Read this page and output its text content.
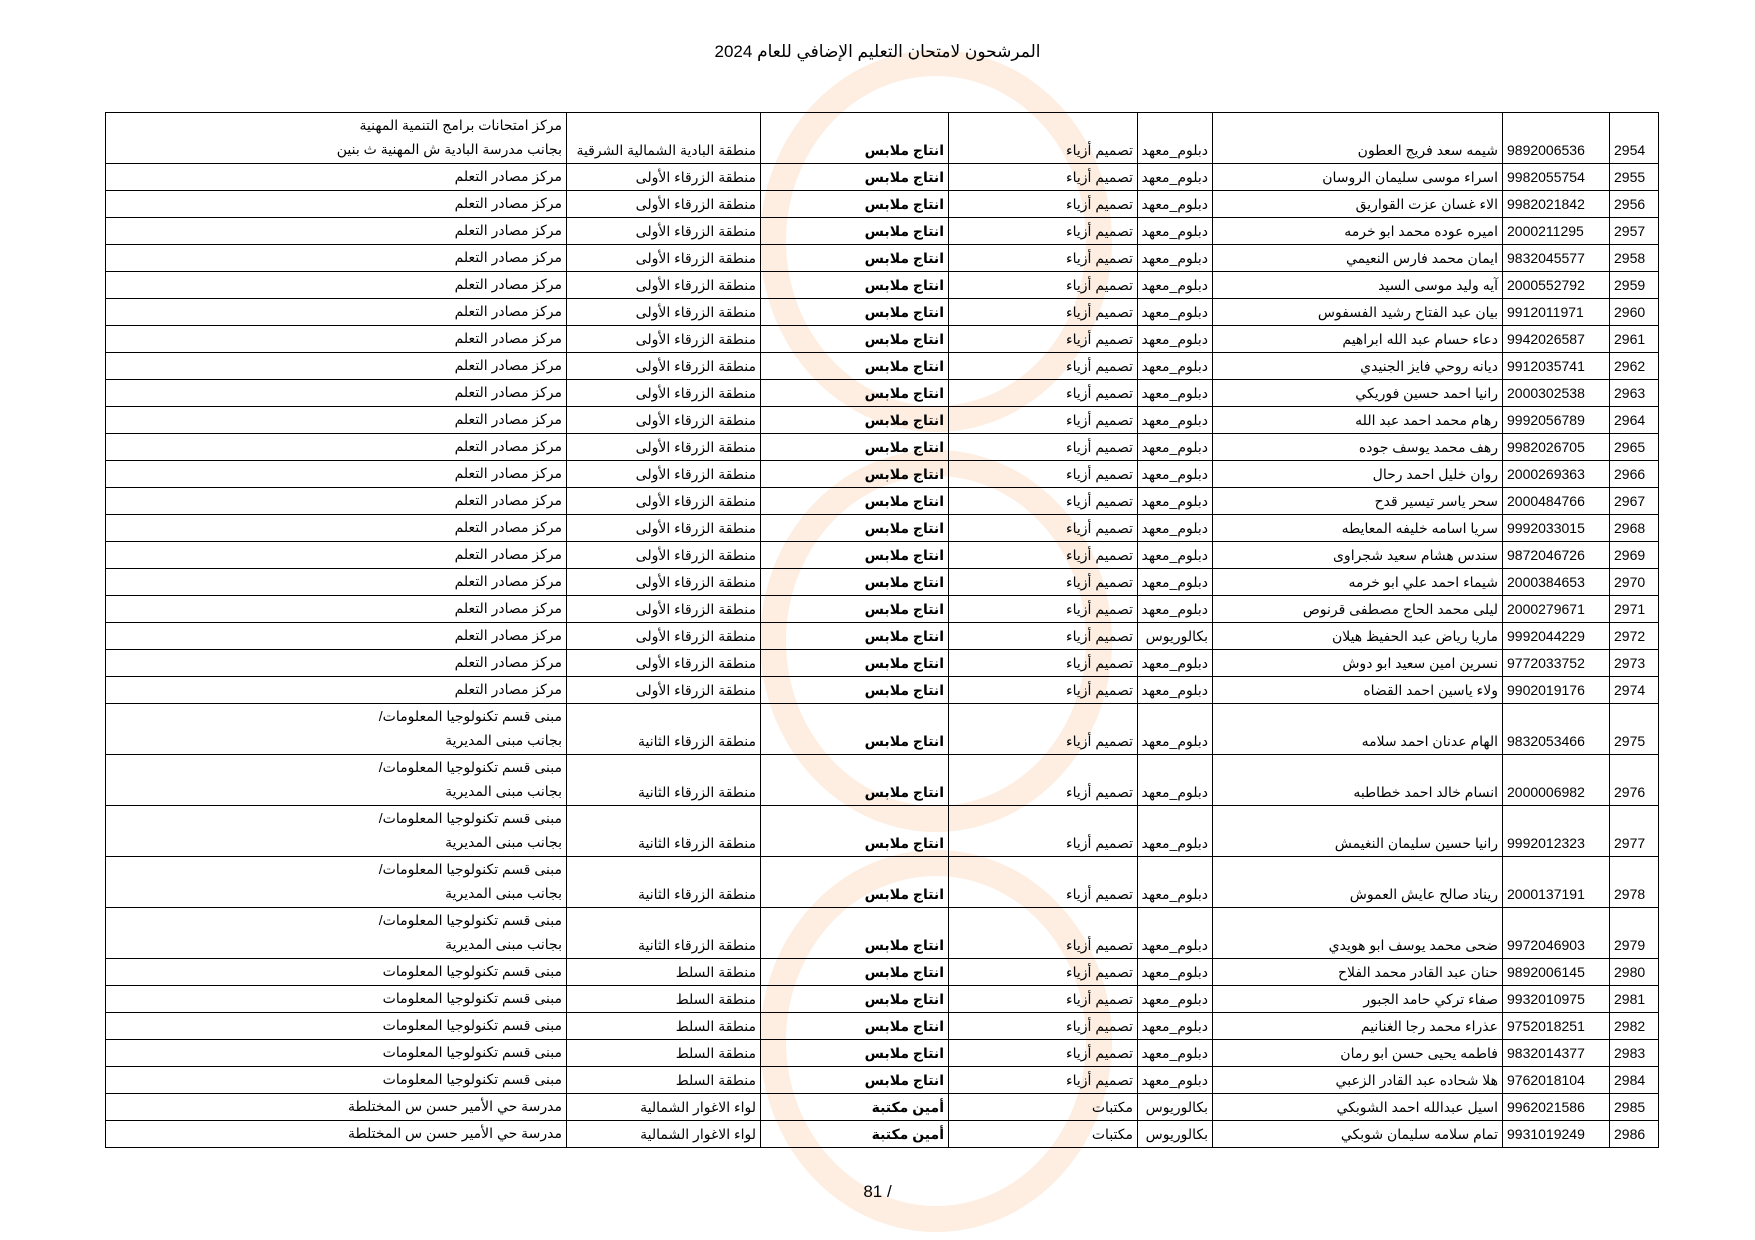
المرشحون لامتحان التعليم الإضافي للعام 2024
2954	9892006536	شيمه سعد فريج العطون	دبلوم_معهد	تصميم أزياء	انتاج ملابس	منطقة البادية الشمالية الشرقية	مركز امتحانات برامج التنمية المهنية
بجانب مدرسة البادية ش المهنية ث بنين

2955	9982055754	اسراء موسى سليمان الروسان	دبلوم_معهد	تصميم أزياء	انتاج ملابس	منطقة الزرقاء الأولى	مركز مصادر التعلم

2956	9982021842	الاء غسان عزت القواريق	دبلوم_معهد	تصميم أزياء	انتاج ملابس	منطقة الزرقاء الأولى	مركز مصادر التعلم

2957	2000211295	اميره عوده محمد ابو خرمه	دبلوم_معهد	تصميم أزياء	انتاج ملابس	منطقة الزرقاء الأولى	مركز مصادر التعلم

2958	9832045577	ايمان محمد فارس النعيمي	دبلوم_معهد	تصميم أزياء	انتاج ملابس	منطقة الزرقاء الأولى	مركز مصادر التعلم

2959	2000552792	آيه وليد موسى السيد	دبلوم_معهد	تصميم أزياء	انتاج ملابس	منطقة الزرقاء الأولى	مركز مصادر التعلم

2960	9912011971	بيان عبد الفتاح رشيد الفسفوس	دبلوم_معهد	تصميم أزياء	انتاج ملابس	منطقة الزرقاء الأولى	مركز مصادر التعلم

2961	9942026587	دعاء حسام عبد الله ابراهيم	دبلوم_معهد	تصميم أزياء	انتاج ملابس	منطقة الزرقاء الأولى	مركز مصادر التعلم

2962	9912035741	ديانه روحي فايز الجنيدي	دبلوم_معهد	تصميم أزياء	انتاج ملابس	منطقة الزرقاء الأولى	مركز مصادر التعلم

2963	2000302538	رانيا احمد حسين فوريكي	دبلوم_معهد	تصميم أزياء	انتاج ملابس	منطقة الزرقاء الأولى	مركز مصادر التعلم

2964	9992056789	رهام محمد احمد عبد الله	دبلوم_معهد	تصميم أزياء	انتاج ملابس	منطقة الزرقاء الأولى	مركز مصادر التعلم

2965	9982026705	رهف محمد يوسف جوده	دبلوم_معهد	تصميم أزياء	انتاج ملابس	منطقة الزرقاء الأولى	مركز مصادر التعلم

2966	2000269363	روان خليل احمد رحال	دبلوم_معهد	تصميم أزياء	انتاج ملابس	منطقة الزرقاء الأولى	مركز مصادر التعلم

2967	2000484766	سحر ياسر تيسير قدح	دبلوم_معهد	تصميم أزياء	انتاج ملابس	منطقة الزرقاء الأولى	مركز مصادر التعلم

2968	9992033015	سريا اسامه خليفه المعايطه	دبلوم_معهد	تصميم أزياء	انتاج ملابس	منطقة الزرقاء الأولى	مركز مصادر التعلم

2969	9872046726	سندس هشام سعيد شجراوى	دبلوم_معهد	تصميم أزياء	انتاج ملابس	منطقة الزرقاء الأولى	مركز مصادر التعلم

2970	2000384653	شيماء احمد علي ابو خرمه	دبلوم_معهد	تصميم أزياء	انتاج ملابس	منطقة الزرقاء الأولى	مركز مصادر التعلم

2971	2000279671	ليلى محمد الحاج مصطفى قرنوص	دبلوم_معهد	تصميم أزياء	انتاج ملابس	منطقة الزرقاء الأولى	مركز مصادر التعلم

2972	9992044229	ماريا رياض عبد الحفيظ هيلان	بكالوريوس	تصميم أزياء	انتاج ملابس	منطقة الزرقاء الأولى	مركز مصادر التعلم

2973	9772033752	نسرين امين سعيد ابو دوش	دبلوم_معهد	تصميم أزياء	انتاج ملابس	منطقة الزرقاء الأولى	مركز مصادر التعلم

2974	9902019176	ولاء ياسين احمد القضاه	دبلوم_معهد	تصميم أزياء	انتاج ملابس	منطقة الزرقاء الأولى	مركز مصادر التعلم

2975	9832053466	الهام عدنان احمد سلامه	دبلوم_معهد	تصميم أزياء	انتاج ملابس	منطقة الزرقاء الثانية	مبنى قسم تكنولوجيا المعلومات/
بجانب مبنى المديرية

2976	2000006982	انسام خالد احمد خطاطبه	دبلوم_معهد	تصميم أزياء	انتاج ملابس	منطقة الزرقاء الثانية	مبنى قسم تكنولوجيا المعلومات/
بجانب مبنى المديرية

2977	9992012323	رانيا حسين سليمان النغيمش	دبلوم_معهد	تصميم أزياء	انتاج ملابس	منطقة الزرقاء الثانية	مبنى قسم تكنولوجيا المعلومات/
بجانب مبنى المديرية

2978	2000137191	ريناد صالح عايش العموش	دبلوم_معهد	تصميم أزياء	انتاج ملابس	منطقة الزرقاء الثانية	مبنى قسم تكنولوجيا المعلومات/
بجانب مبنى المديرية

2979	9972046903	ضحى محمد يوسف ابو هويدي	دبلوم_معهد	تصميم أزياء	انتاج ملابس	منطقة الزرقاء الثانية	مبنى قسم تكنولوجيا المعلومات/
بجانب مبنى المديرية

2980	9892006145	حنان عبد القادر محمد الفلاح	دبلوم_معهد	تصميم أزياء	انتاج ملابس	منطقة السلط	مبنى قسم تكنولوجيا المعلومات

2981	9932010975	صفاء تركي حامد الجبور	دبلوم_معهد	تصميم أزياء	انتاج ملابس	منطقة السلط	مبنى قسم تكنولوجيا المعلومات

2982	9752018251	عذراء محمد رجا الغنانيم	دبلوم_معهد	تصميم أزياء	انتاج ملابس	منطقة السلط	مبنى قسم تكنولوجيا المعلومات

2983	9832014377	فاطمه يحيى حسن ابو رمان	دبلوم_معهد	تصميم أزياء	انتاج ملابس	منطقة السلط	مبنى قسم تكنولوجيا المعلومات

2984	9762018104	هلا شحاده عبد القادر الزعبي	دبلوم_معهد	تصميم أزياء	انتاج ملابس	منطقة السلط	مبنى قسم تكنولوجيا المعلومات

2985	9962021586	اسيل عبدالله احمد الشوبكي	بكالوريوس	مكتبات	أمين مكتبة	لواء الاغوار الشمالية	مدرسة حي الأمير حسن س المختلطة

2986	9931019249	تمام سلامه سليمان شوبكي	بكالوريوس	مكتبات	أمين مكتبة	لواء الاغوار الشمالية	مدرسة حي الأمير حسن س المختلطة
81 /
